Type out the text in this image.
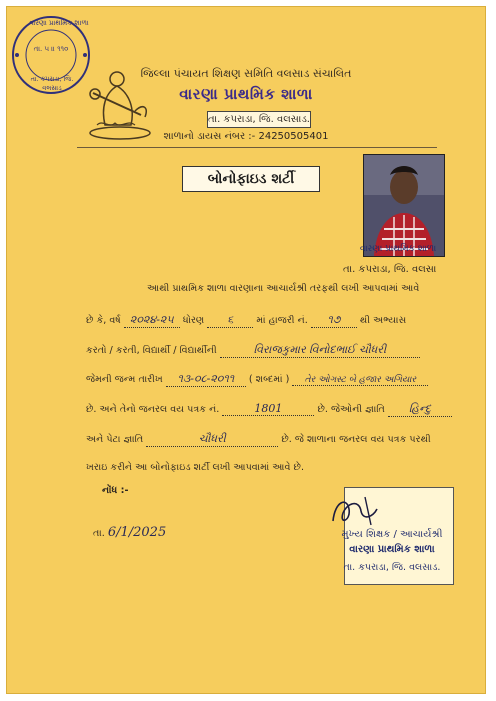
વારણા પ્રાથમિક શાળા
તા. ૫ ॥ ૧૧૦
તા. કપરાડા, જિ. વલસાડ
જિલ્લા પંચાયત શિક્ષણ સમિતિ વલસાડ સંચાલિત
વારણા પ્રાથમિક શાળા
તા. કપરાડા, જિ. વલસાડ.
શાળાનો ડાયસ નંબર :- 24250505401
બોનોફાઇડ શર્ટી
વારણા પ્રાથમિક શાળા
તા. કપરાડા, જિ. વલસા
આથી પ્રાથમિક શાળા વારણાના આચાર્યશ્રી તરફથી લખી આપવામાં આવે
છે કે, વર્ષ ૨૦૨૪-૨૫ ધોરણ ૬ માં હાજરી નં. ૧૭ થી અભ્યાસ
કરતો / કરતી, વિદ્યાર્થી / વિદ્યાર્થીની	વિરાજકુમાર વિનોદભાઈ ચૌધરી
જેમની જન્મ તારીખ ૧૩-૦૮-૨૦૧૧ ( શબ્દમાં ) તેર ઓગસ્ટ બે હજાર અગિયાર
છે. અને તેનો જનરલ વય પત્રક નં.	1801	છે. જેઓની જ્ઞાતિ હિન્દુ
અને પેટા જ્ઞાતિ	ચૌધરી	છે. જે શાળાના જનરલ વય પત્રક પરથી
ખરાઇ કરીને આ બોનોફાઇડ શર્ટી લખી આપવામાં આવે છે.
નોંધ :-
તા. 6/1/2025	મુખ્ય શિક્ષક / આચાર્યશ્રી
વારણા પ્રાથમિક શાળા
તા. કપરાડા, જિ. વલસાડ.
